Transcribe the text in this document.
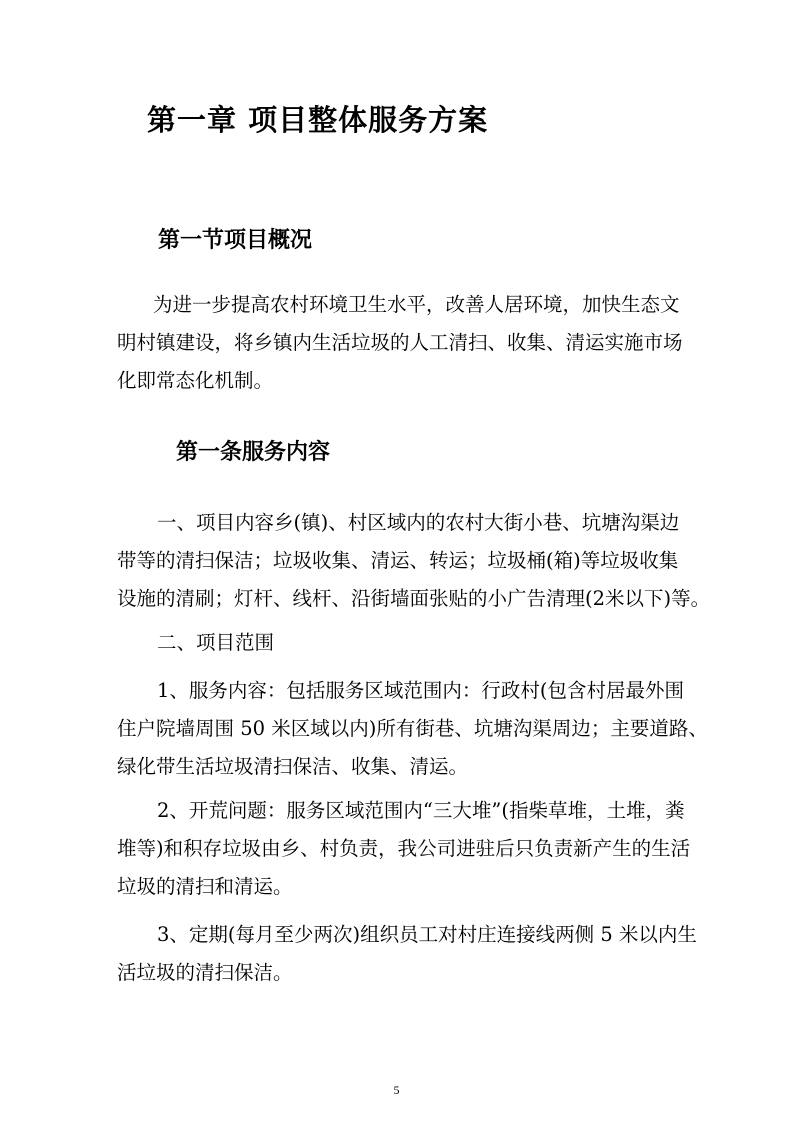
第一章 项目整体服务方案
第一节项目概况
为进一步提高农村环境卫生水平，改善人居环境，加快生态文
明村镇建设，将乡镇内生活垃圾的人工清扫、收集、清运实施市场
化即常态化机制。
第一条服务内容
一、项目内容乡(镇)、村区域内的农村大街小巷、坑塘沟渠边
带等的清扫保洁；垃圾收集、清运、转运；垃圾桶(箱)等垃圾收集
设施的清刷；灯杆、线杆、沿街墙面张贴的小广告清理(2米以下)等。
二、项目范围
1、服务内容：包括服务区域范围内：行政村(包含村居最外围
住户院墙周围 50 米区域以内)所有街巷、坑塘沟渠周边；主要道路、
绿化带生活垃圾清扫保洁、收集、清运。
2、开荒问题：服务区域范围内“三大堆”(指柴草堆，土堆，粪
堆等)和积存垃圾由乡、村负责，我公司进驻后只负责新产生的生活
垃圾的清扫和清运。
3、定期(每月至少两次)组织员工对村庄连接线两侧 5 米以内生
活垃圾的清扫保洁。
5
